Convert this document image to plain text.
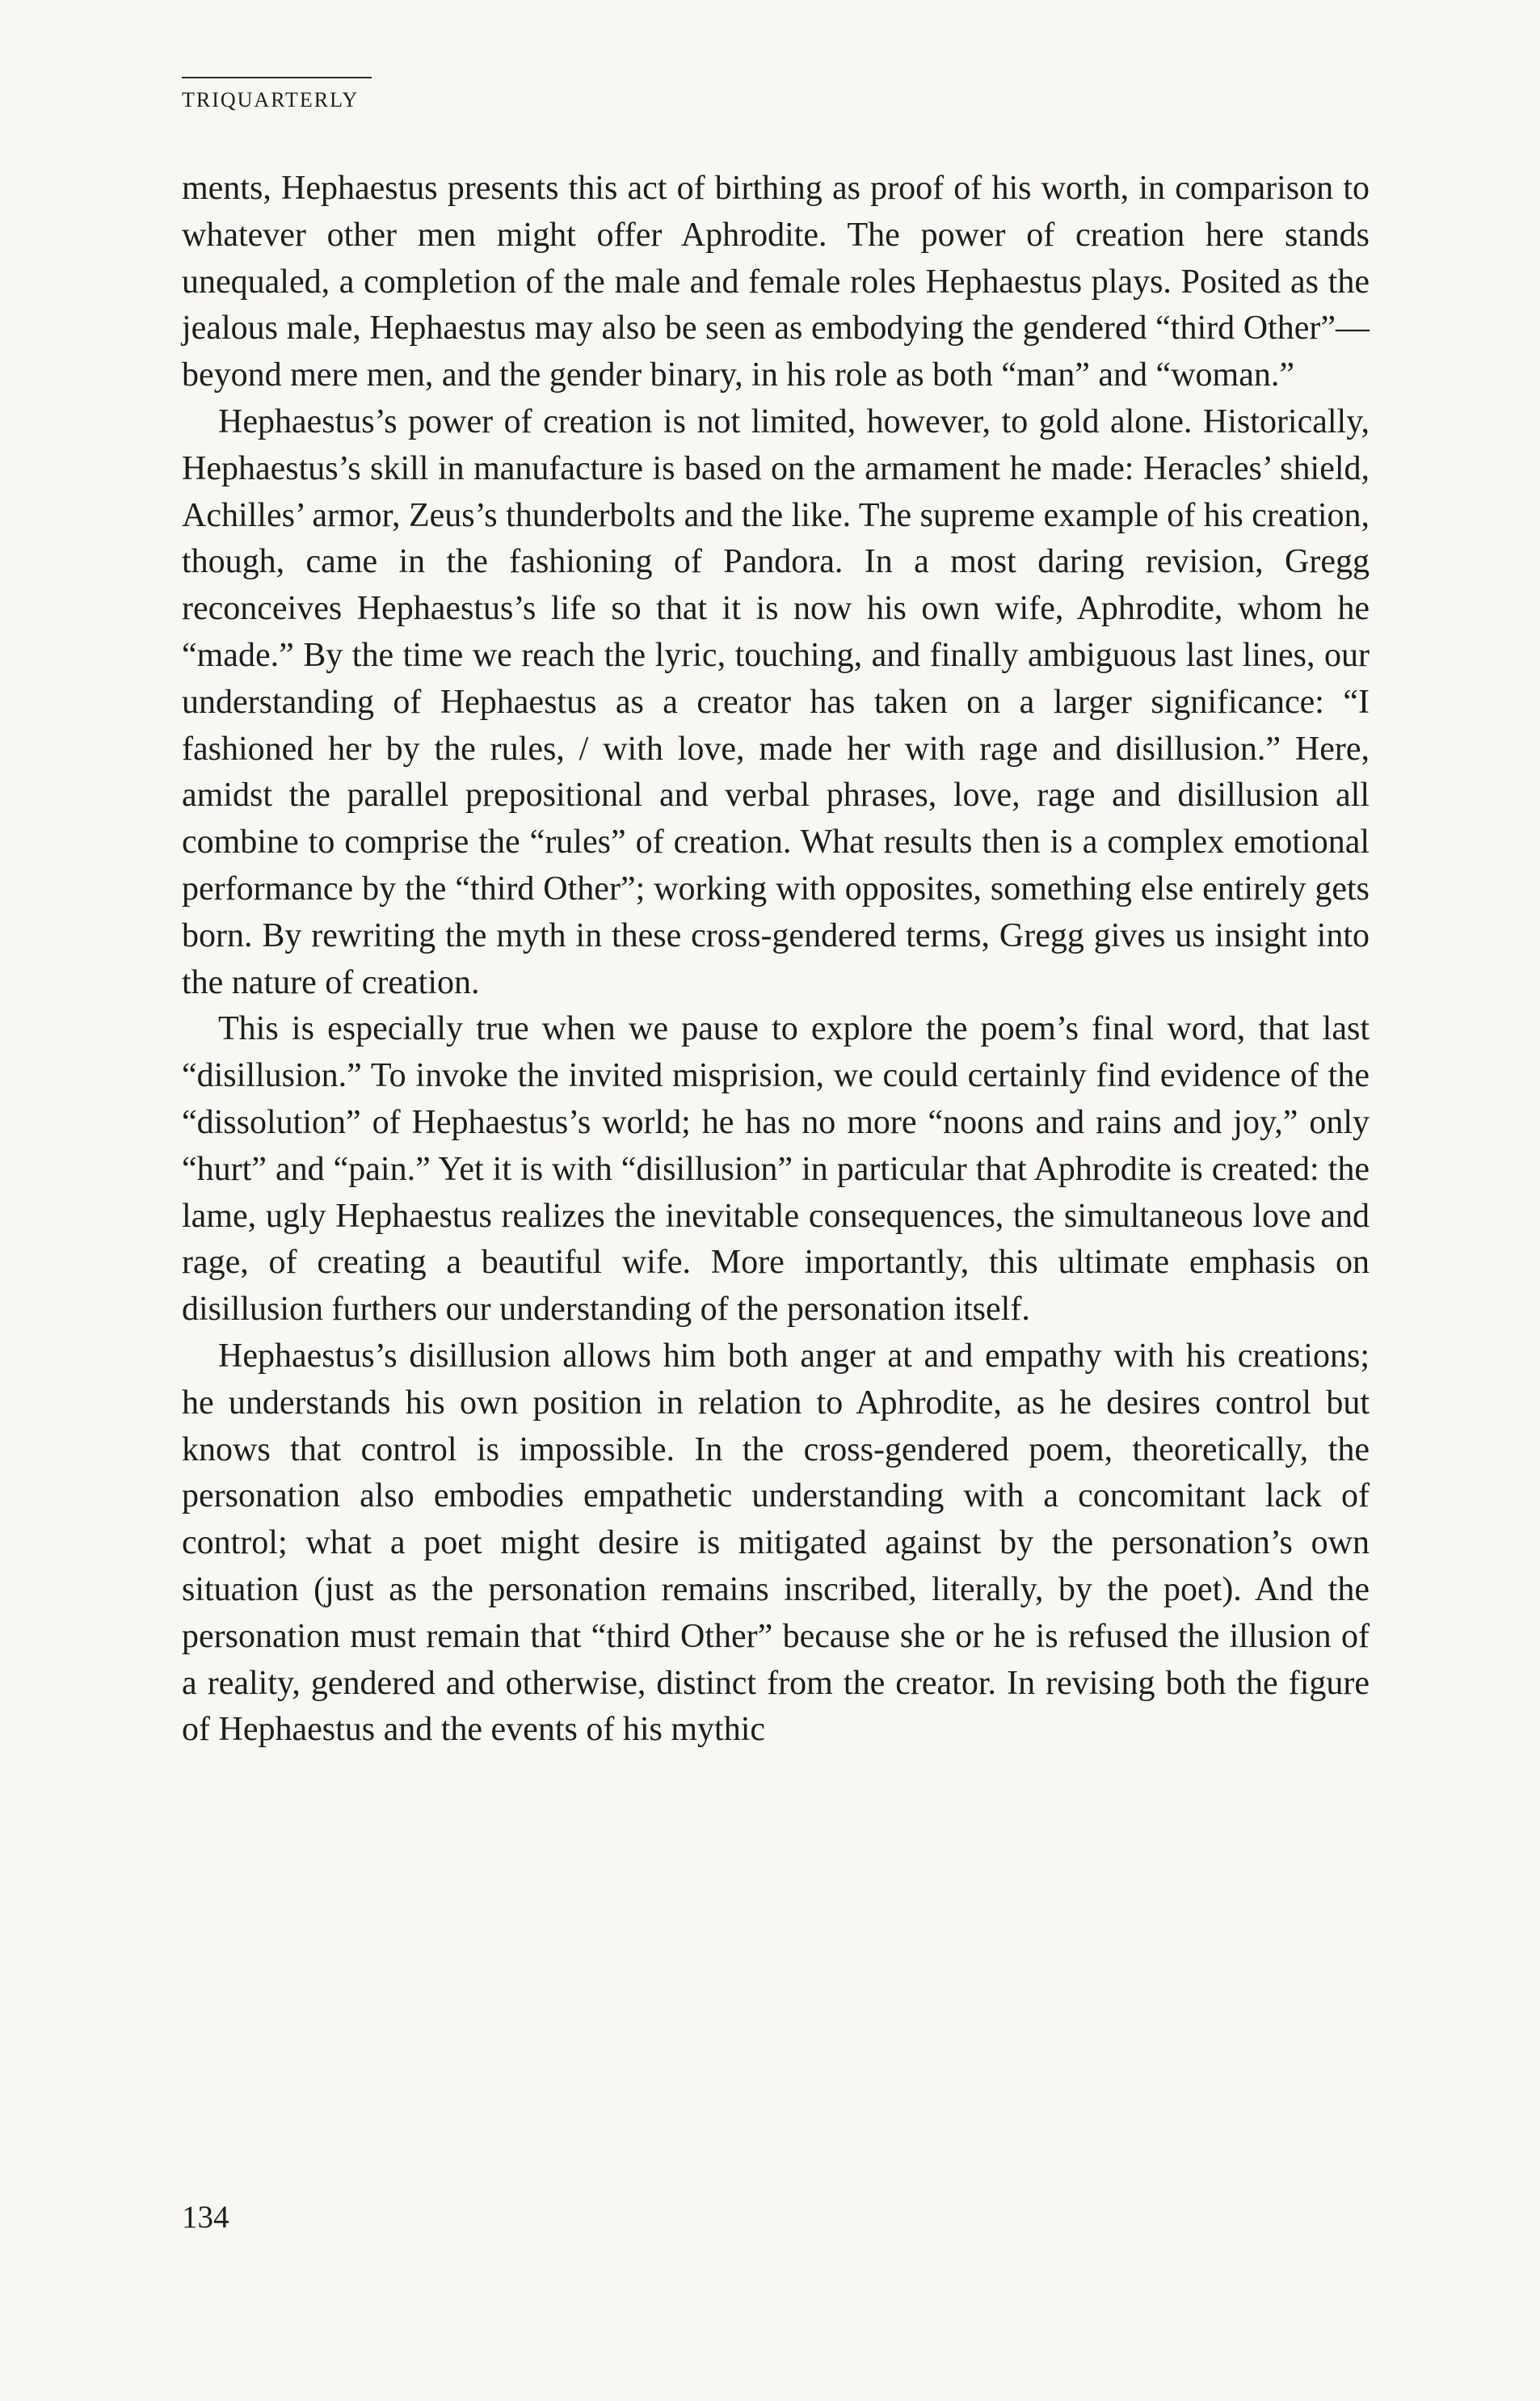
TRIQUARTERLY

ments, Hephaestus presents this act of birthing as proof of his worth, in comparison to whatever other men might offer Aphrodite. The power of creation here stands unequaled, a completion of the male and female roles Hephaestus plays. Posited as the jealous male, Hephaestus may also be seen as embodying the gendered “third Other”—beyond mere men, and the gender binary, in his role as both “man” and “woman.”

Hephaestus’s power of creation is not limited, however, to gold alone. Historically, Hephaestus’s skill in manufacture is based on the armament he made: Heracles’ shield, Achilles’ armor, Zeus’s thunderbolts and the like. The supreme example of his creation, though, came in the fashioning of Pandora. In a most daring revision, Gregg reconceives Hephaestus’s life so that it is now his own wife, Aphrodite, whom he “made.” By the time we reach the lyric, touching, and finally ambiguous last lines, our understanding of Hephaestus as a creator has taken on a larger significance: “I fashioned her by the rules, / with love, made her with rage and disillusion.” Here, amidst the parallel prepositional and verbal phrases, love, rage and disillusion all combine to comprise the “rules” of creation. What results then is a complex emotional performance by the “third Other”; working with opposites, something else entirely gets born. By rewriting the myth in these cross-gendered terms, Gregg gives us insight into the nature of creation.

This is especially true when we pause to explore the poem’s final word, that last “disillusion.” To invoke the invited misprision, we could certainly find evidence of the “dissolution” of Hephaestus’s world; he has no more “noons and rains and joy,” only “hurt” and “pain.” Yet it is with “disillusion” in particular that Aphrodite is created: the lame, ugly Hephaestus realizes the inevitable consequences, the simultaneous love and rage, of creating a beautiful wife. More importantly, this ultimate emphasis on disillusion furthers our understanding of the personation itself.

Hephaestus’s disillusion allows him both anger at and empathy with his creations; he understands his own position in relation to Aphrodite, as he desires control but knows that control is impossible. In the cross-gendered poem, theoretically, the personation also embodies empathetic understanding with a concomitant lack of control; what a poet might desire is mitigated against by the personation’s own situation (just as the personation remains inscribed, literally, by the poet). And the personation must remain that “third Other” because she or he is refused the illusion of a reality, gendered and otherwise, distinct from the creator. In revising both the figure of Hephaestus and the events of his mythic

134
